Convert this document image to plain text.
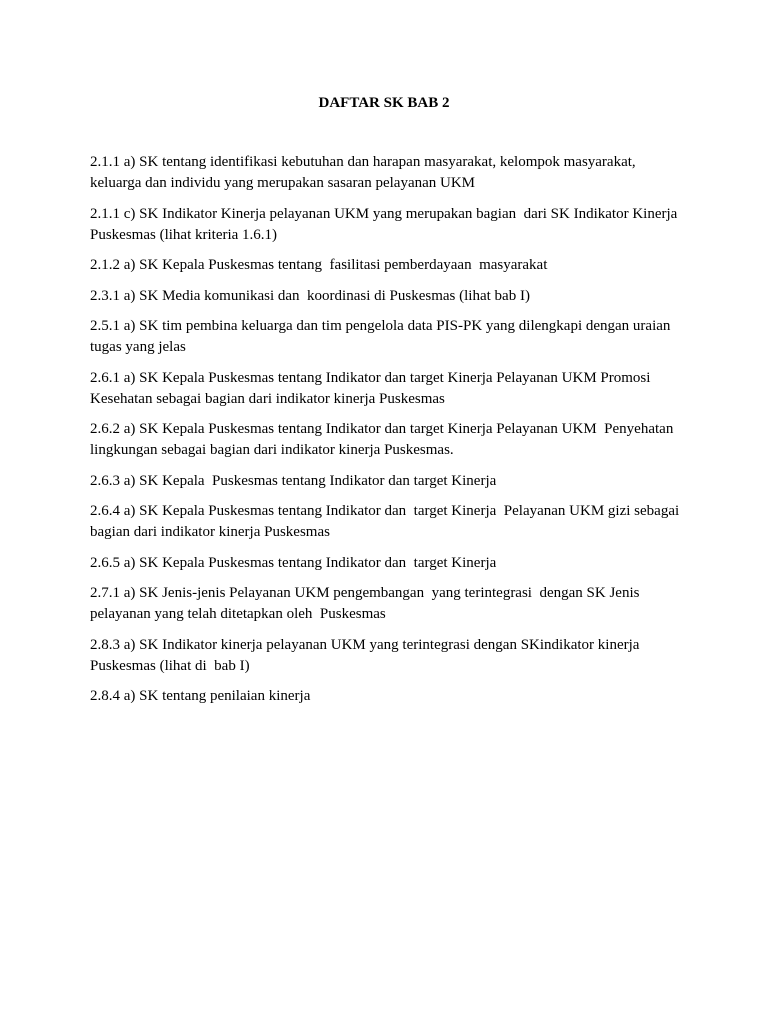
DAFTAR SK BAB 2
2.1.1 a) SK tentang identifikasi kebutuhan dan harapan masyarakat, kelompok masyarakat, keluarga dan individu yang merupakan sasaran pelayanan UKM
2.1.1 c) SK Indikator Kinerja pelayanan UKM yang merupakan bagian  dari SK Indikator Kinerja Puskesmas (lihat kriteria 1.6.1)
2.1.2 a) SK Kepala Puskesmas tentang  fasilitasi pemberdayaan  masyarakat
2.3.1 a) SK Media komunikasi dan  koordinasi di Puskesmas (lihat bab I)
2.5.1 a) SK tim pembina keluarga dan tim pengelola data PIS-PK yang dilengkapi dengan uraian tugas yang jelas
2.6.1 a) SK Kepala Puskesmas tentang Indikator dan target Kinerja Pelayanan UKM Promosi Kesehatan sebagai bagian dari indikator kinerja Puskesmas
2.6.2 a) SK Kepala Puskesmas tentang Indikator dan target Kinerja Pelayanan UKM  Penyehatan lingkungan sebagai bagian dari indikator kinerja Puskesmas.
2.6.3 a) SK Kepala  Puskesmas tentang Indikator dan target Kinerja
2.6.4 a) SK Kepala Puskesmas tentang Indikator dan  target Kinerja  Pelayanan UKM gizi sebagai bagian dari indikator kinerja Puskesmas
2.6.5 a) SK Kepala Puskesmas tentang Indikator dan  target Kinerja
2.7.1 a) SK Jenis-jenis Pelayanan UKM pengembangan  yang terintegrasi  dengan SK Jenis pelayanan yang telah ditetapkan oleh  Puskesmas
2.8.3 a) SK Indikator kinerja pelayanan UKM yang terintegrasi dengan SKindikator kinerja Puskesmas (lihat di  bab I)
2.8.4 a) SK tentang penilaian kinerja
